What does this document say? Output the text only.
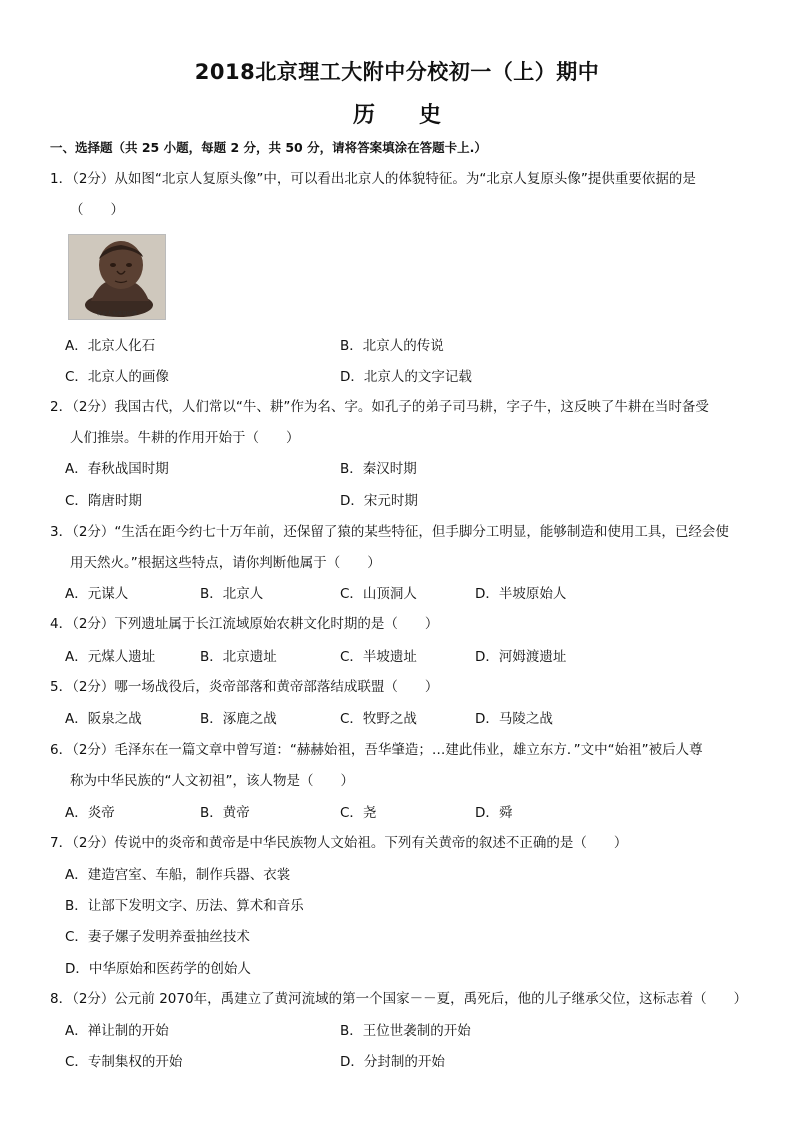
2018北京理工大附中分校初一（上）期中
历史
一、选择题（共 25 小题，每题 2 分，共 50 分，请将答案填涂在答题卡上.）
1．（2分）从如图“北京人复原头像”中，可以看出北京人的体貌特征。为“北京人复原头像”提供重要依据的是
（　　）
北京人头部复原像
A．北京人化石	B．北京人的传说
C．北京人的画像	D．北京人的文字记载
2．（2分）我国古代，人们常以“牛、耕”作为名、字。如孔子的弟子司马耕，字子牛，这反映了牛耕在当时备受
人们推崇。牛耕的作用开始于（　　）
A．春秋战国时期	B．秦汉时期
C．隋唐时期	D．宋元时期
3．（2分）“生活在距今约七十万年前，还保留了猿的某些特征，但手脚分工明显，能够制造和使用工具，已经会使
用天然火。”根据这些特点，请你判断他属于（　　）
A．元谋人	B．北京人	C．山顶洞人	D．半坡原始人
4．（2分）下列遗址属于长江流域原始农耕文化时期的是（　　）
A．元煤人遗址	B．北京遗址	C．半坡遗址	D．河姆渡遗址
5．（2分）哪一场战役后，炎帝部落和黄帝部落结成联盟（　　）
A．阪泉之战	B．涿鹿之战	C．牧野之战	D．马陵之战
6．（2分）毛泽东在一篇文章中曾写道：“赫赫始祖，吾华肇造；…建此伟业，雄立东方．”文中“始祖”被后人尊
称为中华民族的“人文初祖”，该人物是（　　）
A．炎帝	B．黄帝	C．尧	D．舜
7．（2分）传说中的炎帝和黄帝是中华民族物人文始祖。下列有关黄帝的叙述不正确的是（　　）
A．建造宫室、车船，制作兵器、衣裳
B．让部下发明文字、历法、算术和音乐
C．妻子嫘子发明养蚕抽丝技术
D．中华原始和医药学的创始人
8．（2分）公元前 2070年，禹建立了黄河流域的第一个国家－－夏，禹死后，他的儿子继承父位，这标志着（　　）
A．禅让制的开始	B．王位世袭制的开始
C．专制集权的开始	D．分封制的开始
